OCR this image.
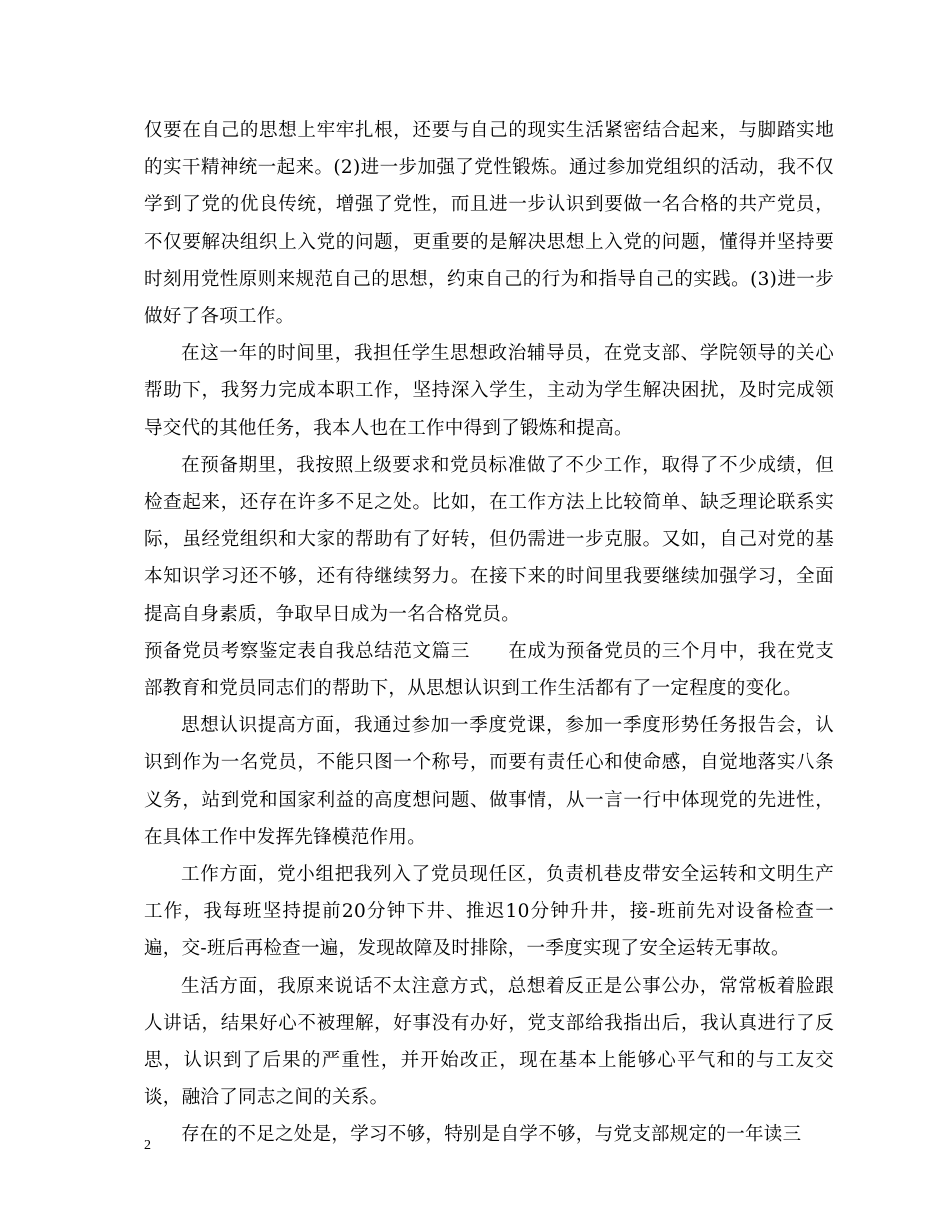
仅要在自己的思想上牢牢扎根，还要与自己的现实生活紧密结合起来，与脚踏实地的实干精神统一起来。(2)进一步加强了党性锻炼。通过参加党组织的活动，我不仅学到了党的优良传统，增强了党性，而且进一步认识到要做一名合格的共产党员，不仅要解决组织上入党的问题，更重要的是解决思想上入党的问题，懂得并坚持要时刻用党性原则来规范自己的思想，约束自己的行为和指导自己的实践。(3)进一步做好了各项工作。

在这一年的时间里，我担任学生思想政治辅导员，在党支部、学院领导的关心帮助下，我努力完成本职工作，坚持深入学生，主动为学生解决困扰，及时完成领导交代的其他任务，我本人也在工作中得到了锻炼和提高。

在预备期里，我按照上级要求和党员标准做了不少工作，取得了不少成绩，但检查起来，还存在许多不足之处。比如，在工作方法上比较简单、缺乏理论联系实际，虽经党组织和大家的帮助有了好转，但仍需进一步克服。又如，自己对党的基本知识学习还不够，还有待继续努力。在接下来的时间里我要继续加强学习，全面提高自身素质，争取早日成为一名合格党员。

预备党员考察鉴定表自我总结范文篇三　　在成为预备党员的三个月中，我在党支部教育和党员同志们的帮助下，从思想认识到工作生活都有了一定程度的变化。

思想认识提高方面，我通过参加一季度党课，参加一季度形势任务报告会，认识到作为一名党员，不能只图一个称号，而要有责任心和使命感，自觉地落实八条义务，站到党和国家利益的高度想问题、做事情，从一言一行中体现党的先进性，在具体工作中发挥先锋模范作用。

工作方面，党小组把我列入了党员现任区，负责机巷皮带安全运转和文明生产工作，我每班坚持提前20分钟下井、推迟10分钟升井，接-班前先对设备检查一遍，交-班后再检查一遍，发现故障及时排除，一季度实现了安全运转无事故。

生活方面，我原来说话不太注意方式，总想着反正是公事公办，常常板着脸跟人讲话，结果好心不被理解，好事没有办好，党支部给我指出后，我认真进行了反思，认识到了后果的严重性，并开始改正，现在基本上能够心平气和的与工友交谈，融洽了同志之间的关系。

存在的不足之处是，学习不够，特别是自学不够，与党支部规定的一年读三

2
